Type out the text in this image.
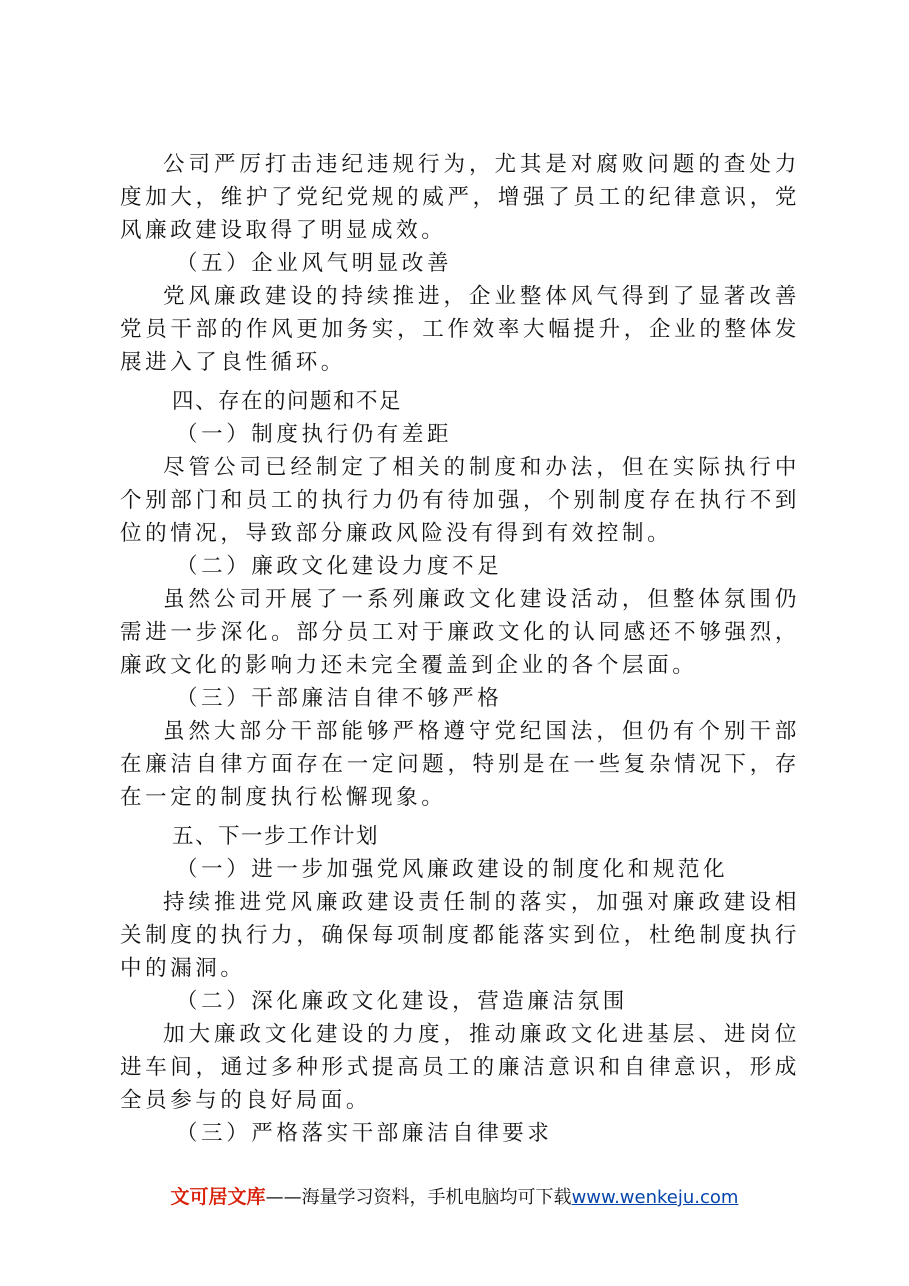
公司严厉打击违纪违规行为，尤其是对腐败问题的查处力度加大，维护了党纪党规的威严，增强了员工的纪律意识，党风廉政建设取得了明显成效。

（五）企业风气明显改善

党风廉政建设的持续推进，企业整体风气得到了显著改善党员干部的作风更加务实，工作效率大幅提升，企业的整体发展进入了良性循环。

四、存在的问题和不足

（一）制度执行仍有差距

尽管公司已经制定了相关的制度和办法，但在实际执行中个别部门和员工的执行力仍有待加强，个别制度存在执行不到位的情况，导致部分廉政风险没有得到有效控制。

（二）廉政文化建设力度不足

虽然公司开展了一系列廉政文化建设活动，但整体氛围仍需进一步深化。部分员工对于廉政文化的认同感还不够强烈，廉政文化的影响力还未完全覆盖到企业的各个层面。

（三）干部廉洁自律不够严格

虽然大部分干部能够严格遵守党纪国法，但仍有个别干部在廉洁自律方面存在一定问题，特别是在一些复杂情况下，存在一定的制度执行松懈现象。

五、下一步工作计划

（一）进一步加强党风廉政建设的制度化和规范化

持续推进党风廉政建设责任制的落实，加强对廉政建设相关制度的执行力，确保每项制度都能落实到位，杜绝制度执行中的漏洞。

（二）深化廉政文化建设，营造廉洁氛围

加大廉政文化建设的力度，推动廉政文化进基层、进岗位进车间，通过多种形式提高员工的廉洁意识和自律意识，形成全员参与的良好局面。

（三）严格落实干部廉洁自律要求

文可居文库——海量学习资料，手机电脑均可下载www.wenkeju.com
